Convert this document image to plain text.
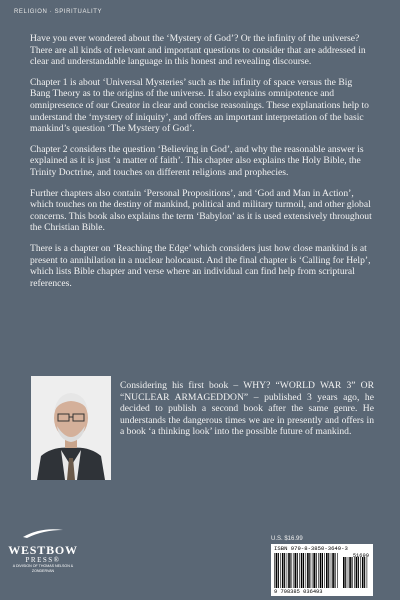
RELIGION · SPIRITUALITY

Have you ever wondered about the ‘Mystery of God’? Or the infinity of the universe? There are all kinds of relevant and important questions to consider that are addressed in clear and understandable language in this honest and revealing discourse.

Chapter 1 is about ‘Universal Mysteries’ such as the infinity of space versus the Big Bang Theory as to the origins of the universe. It also explains omnipotence and omnipresence of our Creator in clear and concise reasonings. These explanations help to understand the ‘mystery of iniquity’, and offers an important interpretation of the basic mankind’s question ‘The Mystery of God’.

Chapter 2 considers the question ‘Believing in God’, and why the reasonable answer is explained as it is just ‘a matter of faith’. This chapter also explains the Holy Bible, the Trinity Doctrine, and touches on different religions and prophecies.

Further chapters also contain ‘Personal Propositions’, and ‘God and Man in Action’, which touches on the destiny of mankind, political and military turmoil, and other global concerns. This book also explains the term ‘Babylon’ as it is used extensively throughout the Christian Bible.

There is a chapter on ‘Reaching the Edge’ which considers just how close mankind is at present to annihilation in a nuclear holocaust. And the final chapter is ‘Calling for Help’, which lists Bible chapter and verse where an individual can find help from scriptural references.

Considering his first book – WHY? “WORLD WAR 3” OR “NUCLEAR ARMAGEDDON” – published 3 years ago, he decided to publish a second book after the same genre. He understands the dangerous times we are in presently and offers in a book ‘a thinking look’ into the possible future of mankind.

WESTBOW
PRESS®
A DIVISION OF THOMAS NELSON & ZONDERVAN
U.S. $16.99
ISBN 979-8-3850-3649-3
51699
9 798385 036493
